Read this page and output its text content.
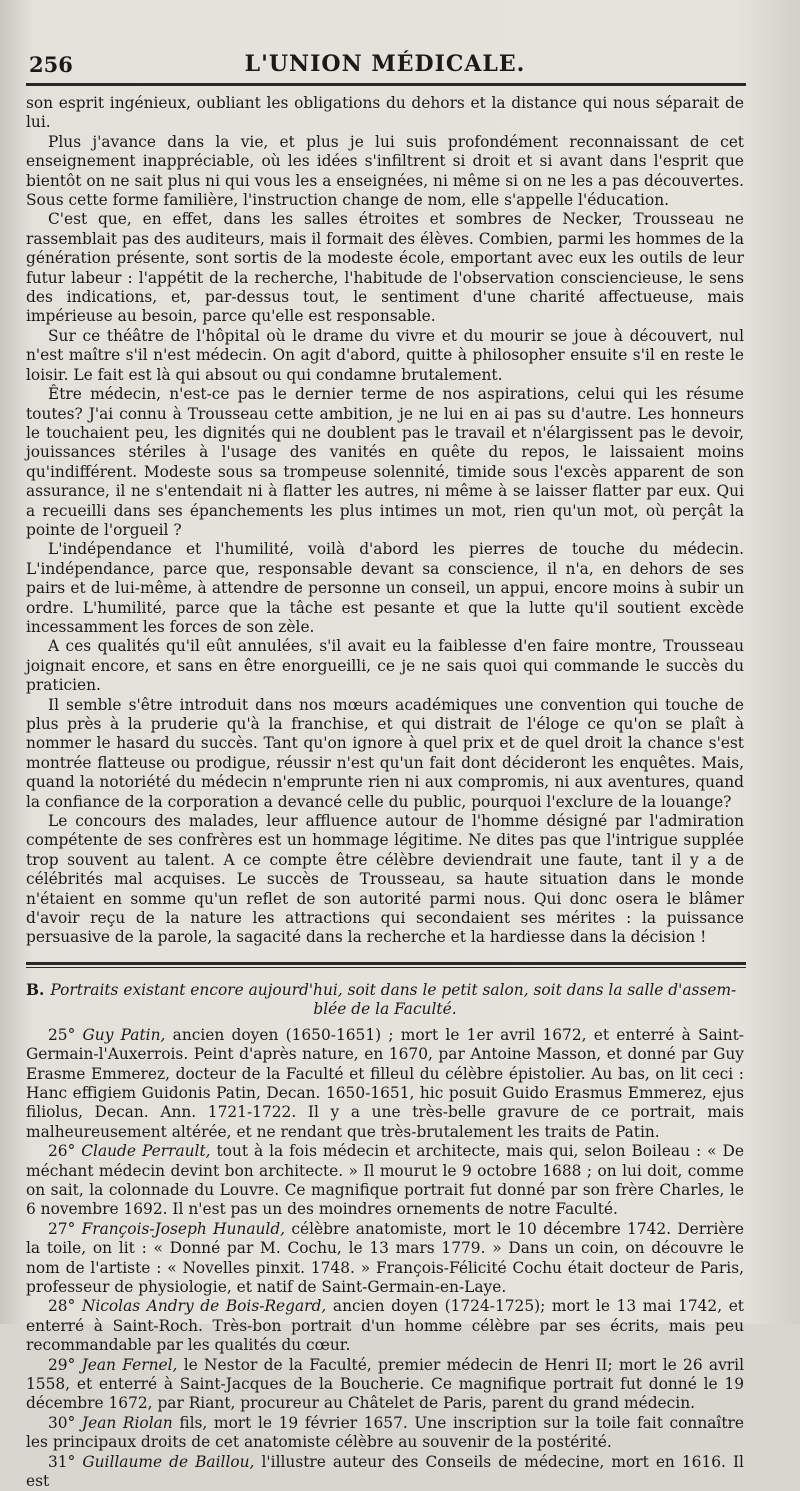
256	L'UNION MÉDICALE.

son esprit ingénieux, oubliant les obligations du dehors et la distance qui nous séparait de lui.

Plus j'avance dans la vie, et plus je lui suis profondément reconnaissant de cet enseignement inappréciable, où les idées s'infiltrent si droit et si avant dans l'esprit que bientôt on ne sait plus ni qui vous les a enseignées, ni même si on ne les a pas découvertes. Sous cette forme familière, l'instruction change de nom, elle s'appelle l'éducation.

C'est que, en effet, dans les salles étroites et sombres de Necker, Trousseau ne rassemblait pas des auditeurs, mais il formait des élèves. Combien, parmi les hommes de la génération présente, sont sortis de la modeste école, emportant avec eux les outils de leur futur labeur : l'appétit de la recherche, l'habitude de l'observation consciencieuse, le sens des indications, et, par-dessus tout, le sentiment d'une charité affectueuse, mais impérieuse au besoin, parce qu'elle est responsable.

Sur ce théâtre de l'hôpital où le drame du vivre et du mourir se joue à découvert, nul n'est maître s'il n'est médecin. On agit d'abord, quitte à philosopher ensuite s'il en reste le loisir. Le fait est là qui absout ou qui condamne brutalement.

Être médecin, n'est-ce pas le dernier terme de nos aspirations, celui qui les résume toutes? J'ai connu à Trousseau cette ambition, je ne lui en ai pas su d'autre. Les honneurs le touchaient peu, les dignités qui ne doublent pas le travail et n'élargissent pas le devoir, jouissances stériles à l'usage des vanités en quête du repos, le laissaient moins qu'indifférent. Modeste sous sa trompeuse solennité, timide sous l'excès apparent de son assurance, il ne s'entendait ni à flatter les autres, ni même à se laisser flatter par eux. Qui a recueilli dans ses épanchements les plus intimes un mot, rien qu'un mot, où perçât la pointe de l'orgueil ?

L'indépendance et l'humilité, voilà d'abord les pierres de touche du médecin. L'indépendance, parce que, responsable devant sa conscience, il n'a, en dehors de ses pairs et de lui-même, à attendre de personne un conseil, un appui, encore moins à subir un ordre. L'humilité, parce que la tâche est pesante et que la lutte qu'il soutient excède incessamment les forces de son zèle.

A ces qualités qu'il eût annulées, s'il avait eu la faiblesse d'en faire montre, Trousseau joignait encore, et sans en être enorgueilli, ce je ne sais quoi qui commande le succès du praticien.

Il semble s'être introduit dans nos mœurs académiques une convention qui touche de plus près à la pruderie qu'à la franchise, et qui distrait de l'éloge ce qu'on se plaît à nommer le hasard du succès. Tant qu'on ignore à quel prix et de quel droit la chance s'est montrée flatteuse ou prodigue, réussir n'est qu'un fait dont décideront les enquêtes. Mais, quand la notoriété du médecin n'emprunte rien ni aux compromis, ni aux aventures, quand la confiance de la corporation a devancé celle du public, pourquoi l'exclure de la louange?

Le concours des malades, leur affluence autour de l'homme désigné par l'admiration compétente de ses confrères est un hommage légitime. Ne dites pas que l'intrigue supplée trop souvent au talent. A ce compte être célèbre deviendrait une faute, tant il y a de célébrités mal acquises. Le succès de Trousseau, sa haute situation dans le monde n'étaient en somme qu'un reflet de son autorité parmi nous. Qui donc osera le blâmer d'avoir reçu de la nature les attractions qui secondaient ses mérites : la puissance persuasive de la parole, la sagacité dans la recherche et la hardiesse dans la décision !

B. Portraits existant encore aujourd'hui, soit dans le petit salon, soit dans la salle d'assem-
blée de la Faculté.

25° Guy Patin, ancien doyen (1650-1651) ; mort le 1er avril 1672, et enterré à Saint-Germain-l'Auxerrois. Peint d'après nature, en 1670, par Antoine Masson, et donné par Guy Erasme Emmerez, docteur de la Faculté et filleul du célèbre épistolier. Au bas, on lit ceci : Hanc effigiem Guidonis Patin, Decan. 1650-1651, hic posuit Guido Erasmus Emmerez, ejus filiolus, Decan. Ann. 1721-1722. Il y a une très-belle gravure de ce portrait, mais malheureusement altérée, et ne rendant que très-brutalement les traits de Patin.

26° Claude Perrault, tout à la fois médecin et architecte, mais qui, selon Boileau : « De méchant médecin devint bon architecte. » Il mourut le 9 octobre 1688 ; on lui doit, comme on sait, la colonnade du Louvre. Ce magnifique portrait fut donné par son frère Charles, le 6 novembre 1692. Il n'est pas un des moindres ornements de notre Faculté.

27° François-Joseph Hunauld, célèbre anatomiste, mort le 10 décembre 1742. Derrière la toile, on lit : « Donné par M. Cochu, le 13 mars 1779. » Dans un coin, on découvre le nom de l'artiste : « Novelles pinxit. 1748. » François-Félicité Cochu était docteur de Paris, professeur de physiologie, et natif de Saint-Germain-en-Laye.

28° Nicolas Andry de Bois-Regard, ancien doyen (1724-1725); mort le 13 mai 1742, et enterré à Saint-Roch. Très-bon portrait d'un homme célèbre par ses écrits, mais peu recommandable par les qualités du cœur.

29° Jean Fernel, le Nestor de la Faculté, premier médecin de Henri II; mort le 26 avril 1558, et enterré à Saint-Jacques de la Boucherie. Ce magnifique portrait fut donné le 19 décembre 1672, par Riant, procureur au Châtelet de Paris, parent du grand médecin.

30° Jean Riolan fils, mort le 19 février 1657. Une inscription sur la toile fait connaître les principaux droits de cet anatomiste célèbre au souvenir de la postérité.

31° Guillaume de Baillou, l'illustre auteur des Conseils de médecine, mort en 1616. Il est
